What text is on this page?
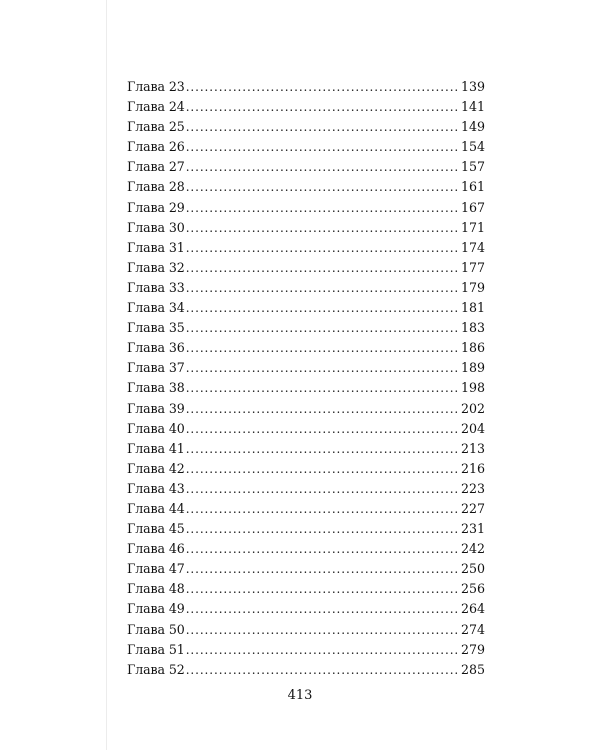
Глава 23 .....	139
Глава 24 .....	141
Глава 25 .....	149
Глава 26 .....	154
Глава 27 .....	157
Глава 28 .....	161
Глава 29 .....	167
Глава 30 .....	171
Глава 31 .....	174
Глава 32 .....	177
Глава 33 .....	179
Глава 34 .....	181
Глава 35 .....	183
Глава 36 .....	186
Глава 37 .....	189
Глава 38 .....	198
Глава 39 .....	202
Глава 40 .....	204
Глава 41 .....	213
Глава 42 .....	216
Глава 43 .....	223
Глава 44 .....	227
Глава 45 .....	231
Глава 46 .....	242
Глава 47 .....	250
Глава 48 .....	256
Глава 49 .....	264
Глава 50 .....	274
Глава 51 .....	279
Глава 52 .....	285
413
